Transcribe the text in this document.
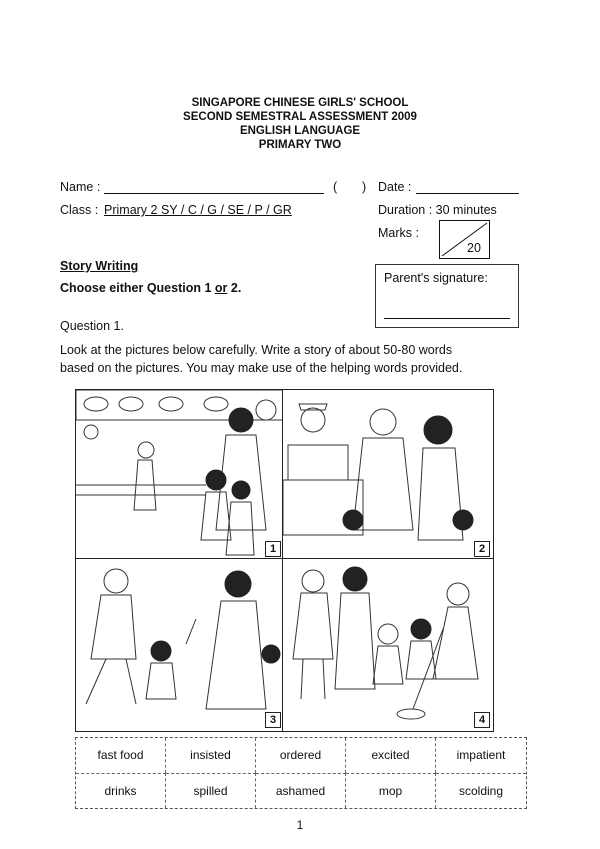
SINGAPORE CHINESE GIRLS' SCHOOL
SECOND SEMESTRAL ASSESSMENT 2009
ENGLISH LANGUAGE
PRIMARY TWO
Name :	( ) Date :
Class : Primary 2 SY / C / G / SE / P / GR	Duration : 30 minutes
Marks :
20
Story Writing
Choose either Question 1 or 2.
Parent's signature:
Question 1.
Look at the pictures below carefully. Write a story of about 50-80 words
based on the pictures. You may make use of the helping words provided.
1	2
3	4
fast food	insisted	ordered	excited	impatient
drinks	spilled	ashamed	mop	scolding
1
